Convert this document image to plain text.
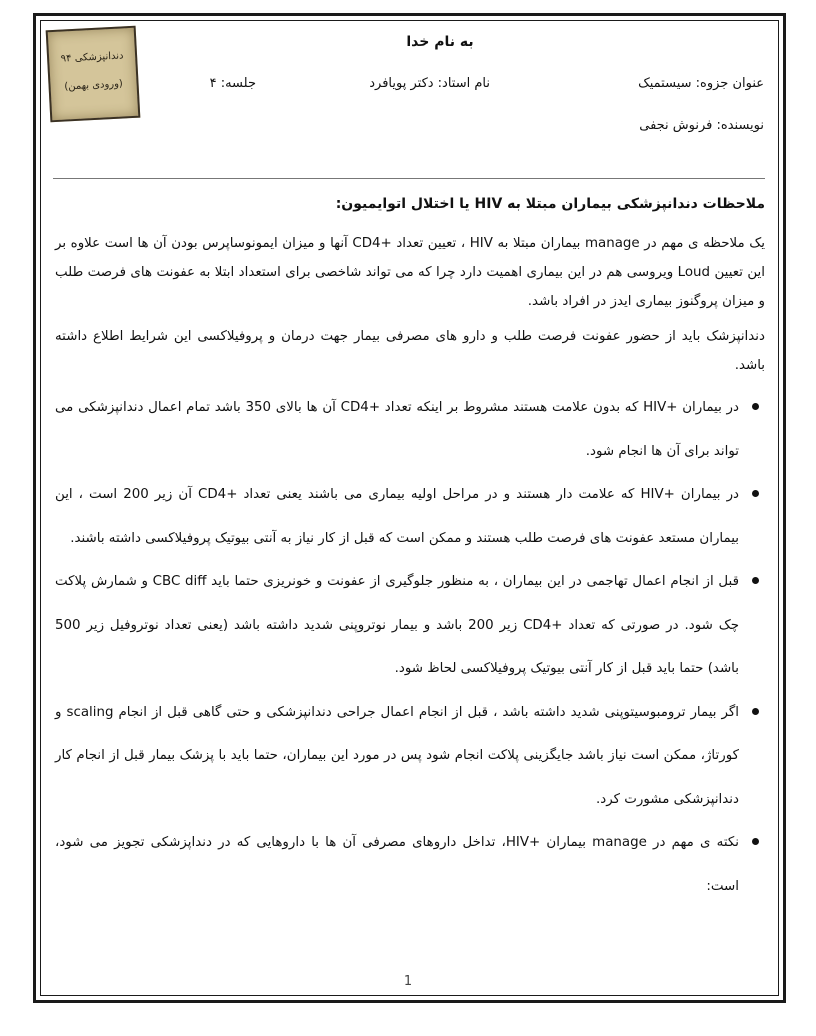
دندانپزشکی ۹۴
(ورودی بهمن)
به نام خدا
عنوان جزوه: سیستمیک
نام استاد: دکتر پویافرد
جلسه: ۴
نویسنده: فرنوش نجفی
ملاحظات دندانپزشکی بیماران مبتلا به HIV یا اختلال اتوایمیون:

یک ملاحظه ی مهم در manage بیماران مبتلا به HIV ، تعیین تعداد +CD4 آنها و میزان ایمونوساپرس بودن آن ها است علاوه بر این تعیین Loud ویروسی هم در این بیماری اهمیت دارد چرا که می تواند شاخصی برای استعداد ابتلا به عفونت های فرصت طلب و میزان پروگنوز بیماری ایدز در افراد باشد.

دندانپزشک باید از حضور عفونت فرصت طلب و دارو های مصرفی بیمار جهت درمان و پروفیلاکسی این شرایط اطلاع داشته باشد.

در بیماران +HIV که بدون علامت هستند مشروط بر اینکه تعداد +CD4 آن ها بالای 350 باشد تمام اعمال دندانپزشکی می تواند برای آن ها انجام شود.
در بیماران +HIV که علامت دار هستند و در مراحل اولیه بیماری می باشند یعنی تعداد +CD4 آن زیر 200 است ، این بیماران مستعد عفونت های فرصت طلب هستند و ممکن است که قبل از کار نیاز به آنتی بیوتیک پروفیلاکسی داشته باشند.
قبل از انجام اعمال تهاجمی در این بیماران ، به منظور جلوگیری از عفونت و خونریزی حتما باید CBC diff و شمارش پلاکت چک شود. در صورتی که تعداد +CD4 زیر 200 باشد و بیمار نوتروپنی شدید داشته باشد (یعنی تعداد نوتروفیل زیر 500 باشد) حتما باید قبل از کار آنتی بیوتیک پروفیلاکسی لحاظ شود.
اگر بیمار ترومبوسیتوپنی شدید داشته باشد ، قبل از انجام اعمال جراحی دندانپزشکی و حتی گاهی قبل از انجام scaling و کورتاژ، ممکن است نیاز باشد جایگزینی پلاکت انجام شود پس در مورد این بیماران، حتما باید با پزشک بیمار قبل از انجام کار دندانپزشکی مشورت کرد.
نکته ی مهم در manage بیماران +HIV، تداخل داروهای مصرفی آن ها با داروهایی که در دنداپزشکی تجویز می شود، است:
1
